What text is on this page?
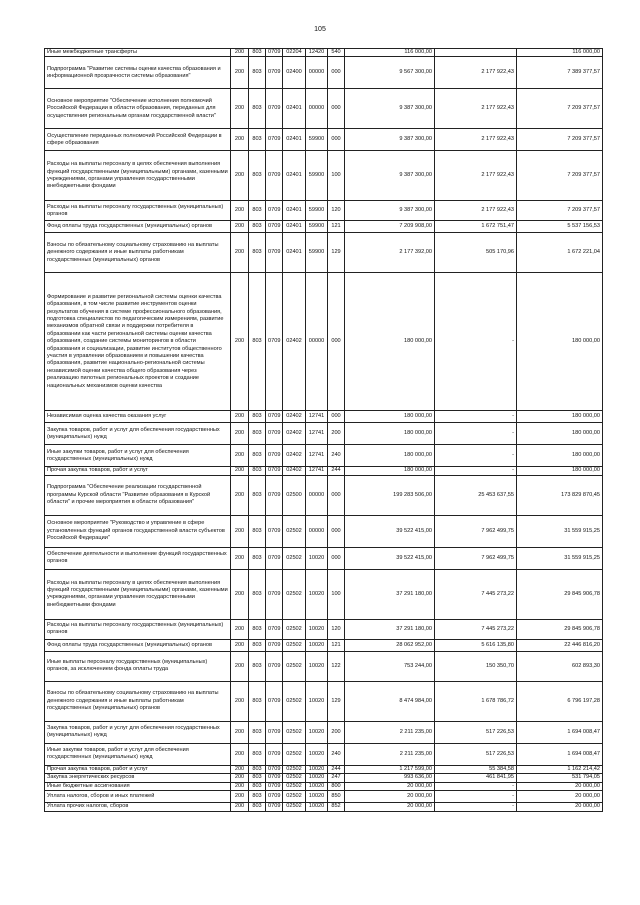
105
Иные межбюджетные трансферты	200	803	0709	02204	12420	540	116 000,00		116 000,00
Подпрограмма "Развитие системы оценки качества образования и информационной прозрачности системы образования"	200	803	0709	02400	00000	000	9 567 300,00	2 177 922,43	7 389 377,57
Основное мероприятие "Обеспечение исполнения полномочий Российской Федерации в области образования, переданных для осуществления региональным органам государственной власти"	200	803	0709	02401	00000	000	9 387 300,00	2 177 922,43	7 209 377,57
Осуществление переданных полномочий Российской Федерации в сфере образования	200	803	0709	02401	59900	000	9 387 300,00	2 177 922,43	7 209 377,57
Расходы на выплаты персоналу в целях обеспечения выполнения функций государственными (муниципальными) органами, казенными учреждениями, органами управления государственными внебюджетными фондами	200	803	0709	02401	59900	100	9 387 300,00	2 177 922,43	7 209 377,57
Расходы на выплаты персоналу государственных (муниципальных) органов	200	803	0709	02401	59900	120	9 387 300,00	2 177 922,43	7 209 377,57
Фонд оплаты труда государственных (муниципальных) органов	200	803	0709	02401	59900	121	7 209 908,00	1 672 751,47	5 537 156,53
Взносы по обязательному социальному страхованию на выплаты денежного содержания и иные выплаты работникам государственных (муниципальных) органов	200	803	0709	02401	59900	129	2 177 392,00	505 170,96	1 672 221,04
Формирование и развитие региональной системы оценки качества образования, в том числе развитие инструментов оценки результатов обучения в системе профессионального образования, подготовка специалистов по педагогическим измерениям, развитие механизмов обратной связи и поддержки потребителя в образовании как части региональной системы оценки качества образования, создание системы мониторингов в области образования и социализации, развитие институтов общественного участия в управлении образованием и повышении качества образования, развитие национально-региональной системы независимой оценки качества общего образования через реализацию пилотных региональных проектов и создание национальных механизмов оценки качества	200	803	0709	02402	00000	000	180 000,00	-	180 000,00
Независимая оценка качества оказания услуг	200	803	0709	02402	12741	000	180 000,00	-	180 000,00
Закупка товаров, работ и услуг для обеспечения государственных (муниципальных) нужд	200	803	0709	02402	12741	200	180 000,00	-	180 000,00
Иные закупки товаров, работ и услуг для обеспечения государственных (муниципальных) нужд	200	803	0709	02402	12741	240	180 000,00	-	180 000,00
Прочая закупка товаров, работ и услуг	200	803	0709	02402	12741	244	180 000,00	-	180 000,00
Подпрограмма "Обеспечение реализации государственной программы Курской области "Развитие образования в Курской области" и прочие мероприятия в области образования"	200	803	0709	02500	00000	000	199 283 506,00	25 453 637,55	173 829 870,45
Основное мероприятие "Руководство и управление в сфере установленных функций органов государственной власти субъектов Российской Федерации"	200	803	0709	02502	00000	000	39 522 415,00	7 962 499,75	31 559 915,25
Обеспечение деятельности и выполнение функций государственных органов	200	803	0709	02502	10020	000	39 522 415,00	7 962 499,75	31 559 915,25
Расходы на выплаты персоналу в целях обеспечения выполнения функций государственными (муниципальными) органами, казенными учреждениями, органами управления государственными внебюджетными фондами	200	803	0709	02502	10020	100	37 291 180,00	7 445 273,22	29 845 906,78
Расходы на выплаты персоналу государственных (муниципальных) органов	200	803	0709	02502	10020	120	37 291 180,00	7 445 273,22	29 845 906,78
Фонд оплаты труда государственных (муниципальных) органов	200	803	0709	02502	10020	121	28 062 952,00	5 616 135,80	22 446 816,20
Иные выплаты персоналу государственных (муниципальных) органов, за исключением фонда оплаты труда	200	803	0709	02502	10020	122	753 244,00	150 350,70	602 893,30
Взносы по обязательному социальному страхованию на выплаты денежного содержания и иные выплаты работникам государственных (муниципальных) органов	200	803	0709	02502	10020	129	8 474 984,00	1 678 786,72	6 796 197,28
Закупка товаров, работ и услуг для обеспечения государственных (муниципальных) нужд	200	803	0709	02502	10020	200	2 211 235,00	517 226,53	1 694 008,47
Иные закупки товаров, работ и услуг для обеспечения государственных (муниципальных) нужд	200	803	0709	02502	10020	240	2 211 235,00	517 226,53	1 694 008,47
Прочая закупка товаров, работ и услуг	200	803	0709	02502	10020	244	1 217 599,00	55 384,58	1 162 214,42
Закупка энергетических ресурсов	200	803	0709	02502	10020	247	993 636,00	461 841,95	531 794,05
Иные бюджетные ассигнования	200	803	0709	02502	10020	800	20 000,00	-	20 000,00
Уплата налогов, сборов и иных платежей	200	803	0709	02502	10020	850	20 000,00	-	20 000,00
Уплата прочих налогов, сборов	200	803	0709	02502	10020	852	20 000,00	-	20 000,00
